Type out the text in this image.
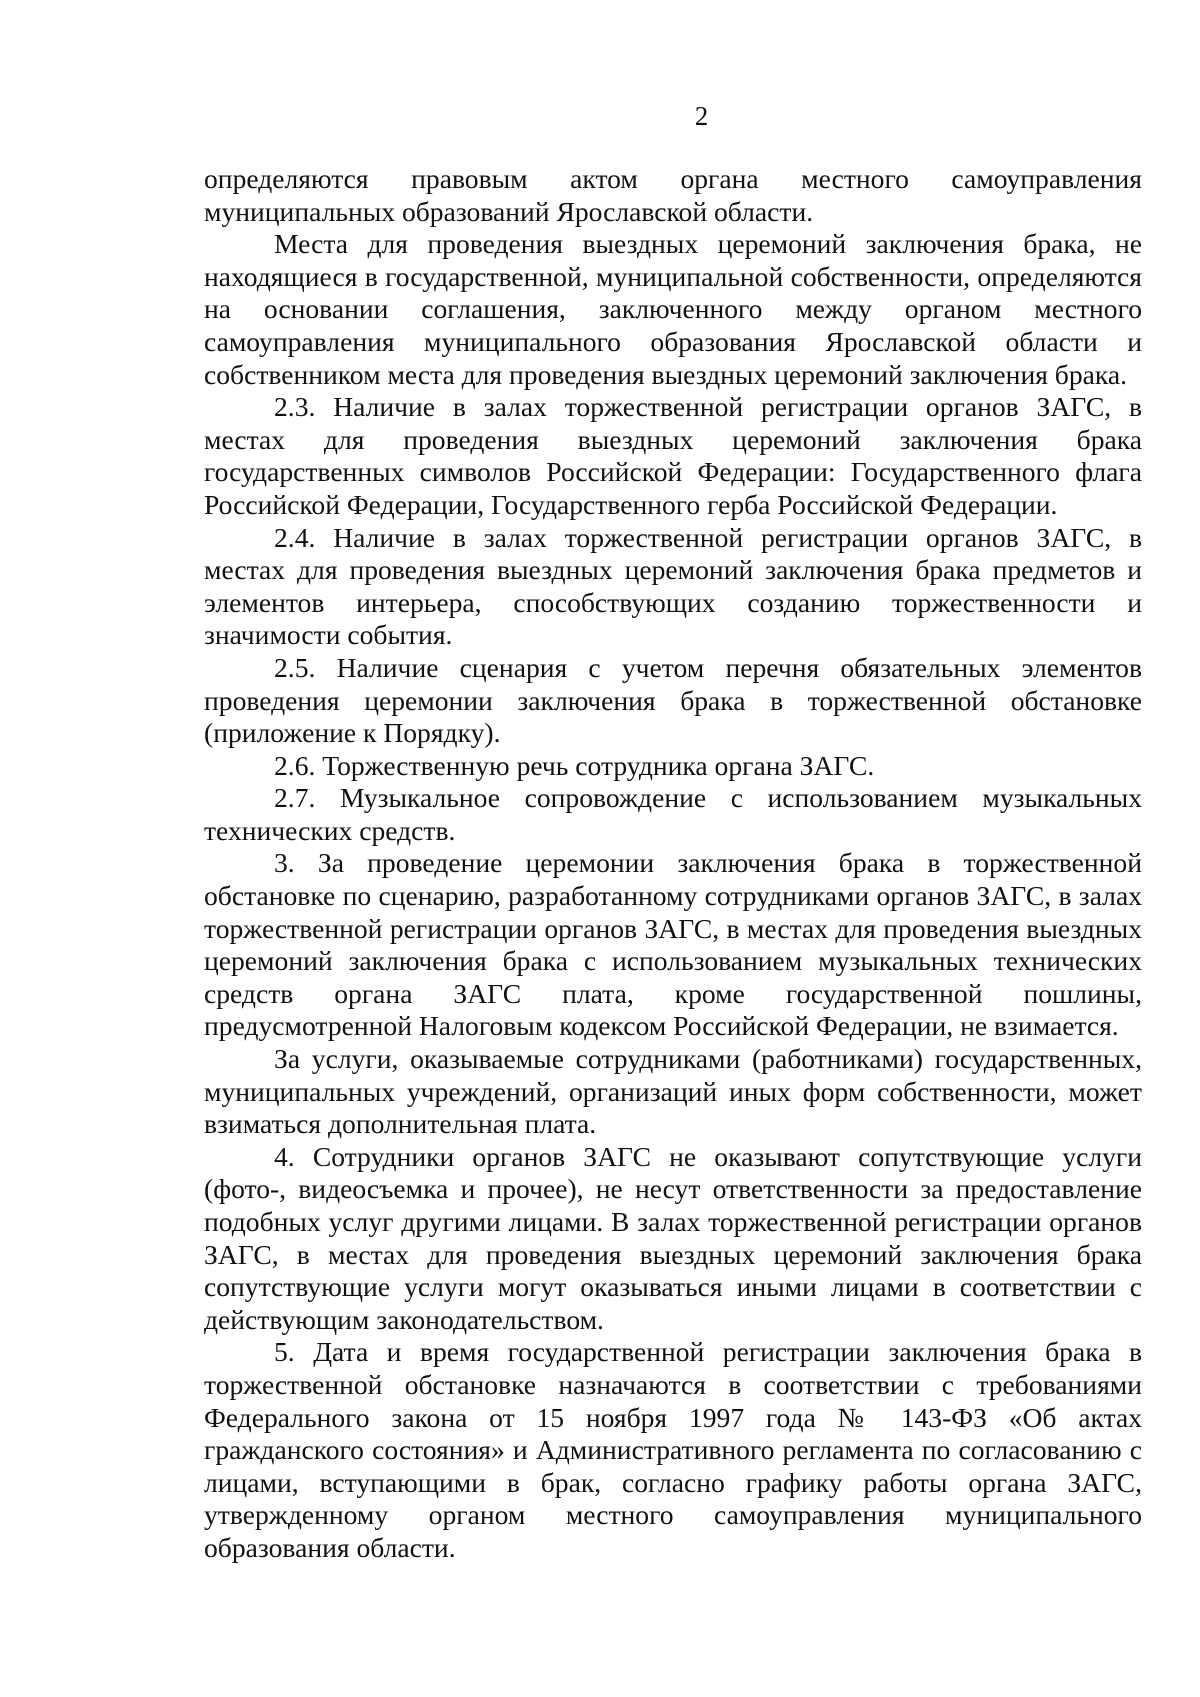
2

определяются правовым актом органа местного самоуправления муниципальных образований Ярославской области.

Места для проведения выездных церемоний заключения брака, не находящиеся в государственной, муниципальной собственности, определяются на основании соглашения, заключенного между органом местного самоуправления муниципального образования Ярославской области и собственником места для проведения выездных церемоний заключения брака.

2.3. Наличие в залах торжественной регистрации органов ЗАГС, в местах для проведения выездных церемоний заключения брака государственных символов Российской Федерации: Государственного флага Российской Федерации, Государственного герба Российской Федерации.

2.4. Наличие в залах торжественной регистрации органов ЗАГС, в местах для проведения выездных церемоний заключения брака предметов и элементов интерьера, способствующих созданию торжественности и значимости события.

2.5. Наличие сценария с учетом перечня обязательных элементов проведения церемонии заключения брака в торжественной обстановке (приложение к Порядку).

2.6. Торжественную речь сотрудника органа ЗАГС.

2.7. Музыкальное сопровождение с использованием музыкальных технических средств.

3. За проведение церемонии заключения брака в торжественной обстановке по сценарию, разработанному сотрудниками органов ЗАГС, в залах торжественной регистрации органов ЗАГС, в местах для проведения выездных церемоний заключения брака с использованием музыкальных технических средств органа ЗАГС плата, кроме государственной пошлины, предусмотренной Налоговым кодексом Российской Федерации, не взимается.

За услуги, оказываемые сотрудниками (работниками) государственных, муниципальных учреждений, организаций иных форм собственности, может взиматься дополнительная плата.

4. Сотрудники органов ЗАГС не оказывают сопутствующие услуги (фото-, видеосъемка и прочее), не несут ответственности за предоставление подобных услуг другими лицами. В залах торжественной регистрации органов ЗАГС, в местах для проведения выездных церемоний заключения брака сопутствующие услуги могут оказываться иными лицами в соответствии с действующим законодательством.

5. Дата и время государственной регистрации заключения брака в торжественной обстановке назначаются в соответствии с требованиями Федерального закона от 15 ноября 1997 года № 143-ФЗ «Об актах гражданского состояния» и Административного регламента по согласованию с лицами, вступающими в брак, согласно графику работы органа ЗАГС, утвержденному органом местного самоуправления муниципального образования области.
